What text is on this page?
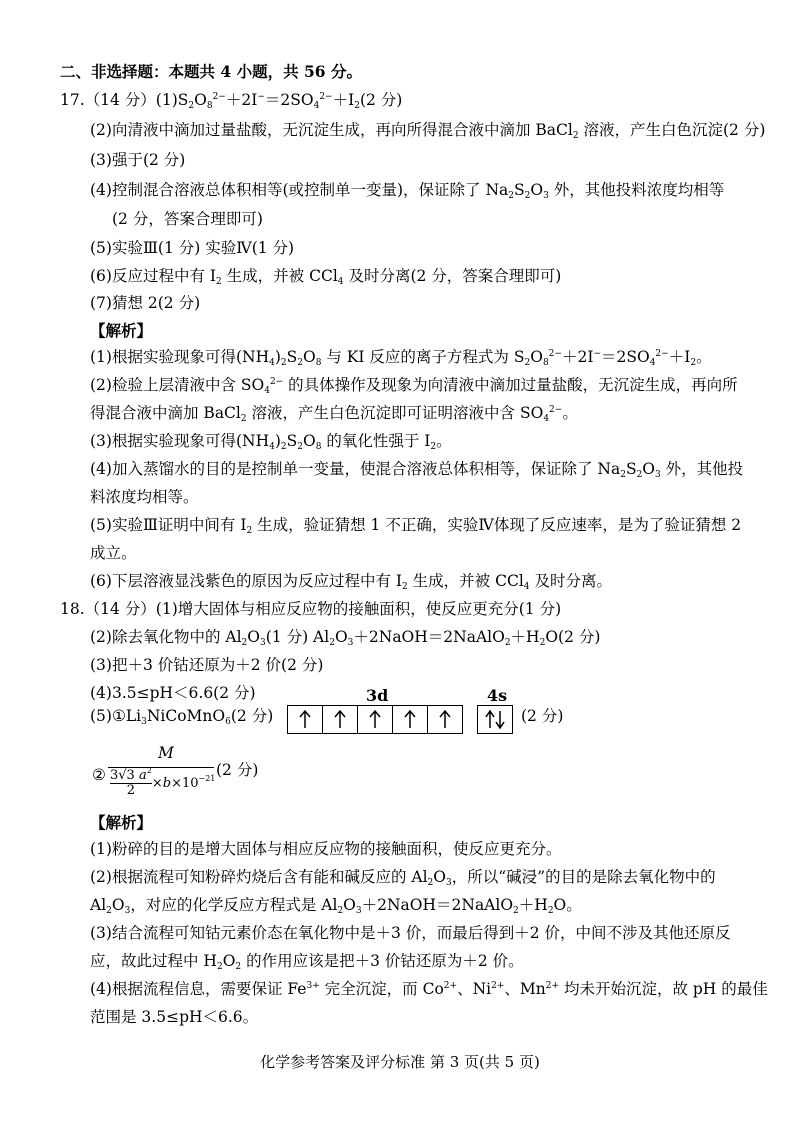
二、非选择题：本题共 4 小题，共 56 分。
17.（14 分）$(1)S_2O_8^{2-}+2I^-=2SO_4^{2-}+I_2(2$ 分)
(2)向清液中滴加过量盐酸，无沉淀生成，再向所得混合液中滴加 BaCl$_2$ 溶液，产生白色沉淀(2 分)
(3)强于(2 分)
(4)控制混合溶液总体积相等(或控制单一变量)，保证除了 $Na_2S_2O_3$ 外，其他投料浓度均相等
(2 分，答案合理即可)
(5)实验Ⅲ(1 分) 实验Ⅳ(1 分)
(6)反应过程中有 $I_2$ 生成，并被 CCl$_4$ 及时分离(2 分，答案合理即可)
(7)猜想 2(2 分)
【解析】
(1)根据实验现象可得$(NH_4)_2S_2O_8$ 与 KI 反应的离子方程式为 $S_2O_8^{2-}+2I^-=2SO_4^{2-}+I_2$。
(2)检验上层清液中含 $SO_4^{2-}$ 的具体操作及现象为向清液中滴加过量盐酸，无沉淀生成，再向所
得混合液中滴加 BaCl$_2$ 溶液，产生白色沉淀即可证明溶液中含 $SO_4^{2-}$。
(3)根据实验现象可得$(NH_4)_2S_2O_8$ 的氧化性强于 $I_2$。
(4)加入蒸馏水的目的是控制单一变量，使混合溶液总体积相等，保证除了 $Na_2S_2O_3$ 外，其他投
料浓度均相等。
(5)实验Ⅲ证明中间有 $I_2$ 生成，验证猜想 1 不正确，实验Ⅳ体现了反应速率，是为了验证猜想 2
成立。
(6)下层溶液显浅紫色的原因为反应过程中有 $I_2$ 生成，并被 CCl$_4$ 及时分离。
18.（14 分）(1)增大固体与相应反应物的接触面积，使反应更充分(1 分)
(2)除去氧化物中的 $Al_2O_3(1$ 分) $Al_2O_3+2NaOH=2NaAlO_2+H_2O(2$ 分)
(3)把＋3 价钴还原为＋2 价(2 分)
(4)3.5≤pH＜6.6(2 分)
$(5)①Li_3NiCoMnO_6(2$ 分)
3d	4s
(2 分)
②
M
$\frac{3√3 a^2}{2} \times b\times 10^{-21}$ (2 分)
【解析】
(1)粉碎的目的是增大固体与相应反应物的接触面积，使反应更充分。
(2)根据流程可知粉碎灼烧后含有能和碱反应的 $Al_2O_3$，所以“碱浸”的目的是除去氧化物中的
$Al_2O_3$，对应的化学反应方程式是 $Al_2O_3+2NaOH=2NaAlO_2+H_2O$。
(3)结合流程可知钴元素价态在氧化物中是＋3 价，而最后得到＋2 价，中间不涉及其他还原反
应，故此过程中 $H_2O_2$ 的作用应该是把＋3 价钴还原为＋2 价。
(4)根据流程信息，需要保证 $Fe^{3+}$ 完全沉淀，而 $Co^{2+}$、$Ni^{2+}$、$Mn^{2+}$ 均未开始沉淀，故 pH 的最佳
范围是 3.5≤pH＜6.6。
化学参考答案及评分标准 第 3 页(共 5 页)
